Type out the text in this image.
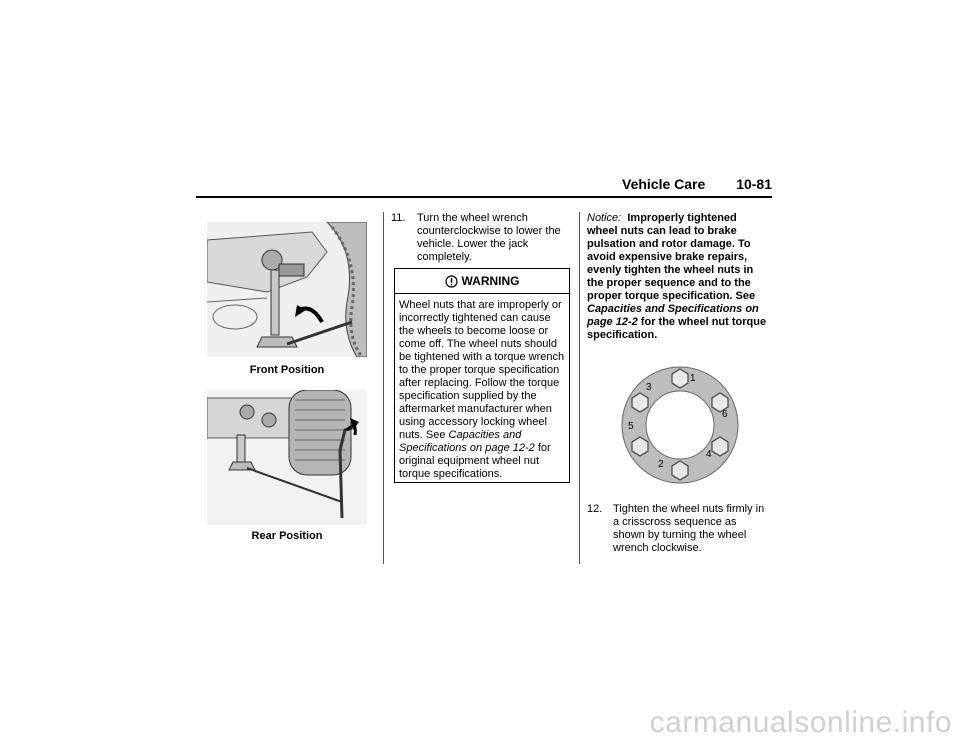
Vehicle Care 10-81
Front Position
Rear Position
11.	Turn the wheel wrench counterclockwise to lower the vehicle. Lower the jack completely.
WARNING
Wheel nuts that are improperly or incorrectly tightened can cause the wheels to become loose or come off. The wheel nuts should be tightened with a torque wrench to the proper torque specification after replacing. Follow the torque specification supplied by the aftermarket manufacturer when using accessory locking wheel nuts. See Capacities and Specifications on page 12-2 for original equipment wheel nut torque specifications.
Notice: Improperly tightened wheel nuts can lead to brake pulsation and rotor damage. To avoid expensive brake repairs, evenly tighten the wheel nuts in the proper sequence and to the proper torque specification. See Capacities and Specifications on page 12-2 for the wheel nut torque specification.
1
2
3
4
5
6
12. Tighten the wheel nuts firmly in a crisscross sequence as shown by turning the wheel wrench clockwise.
carmanualsonline.info
